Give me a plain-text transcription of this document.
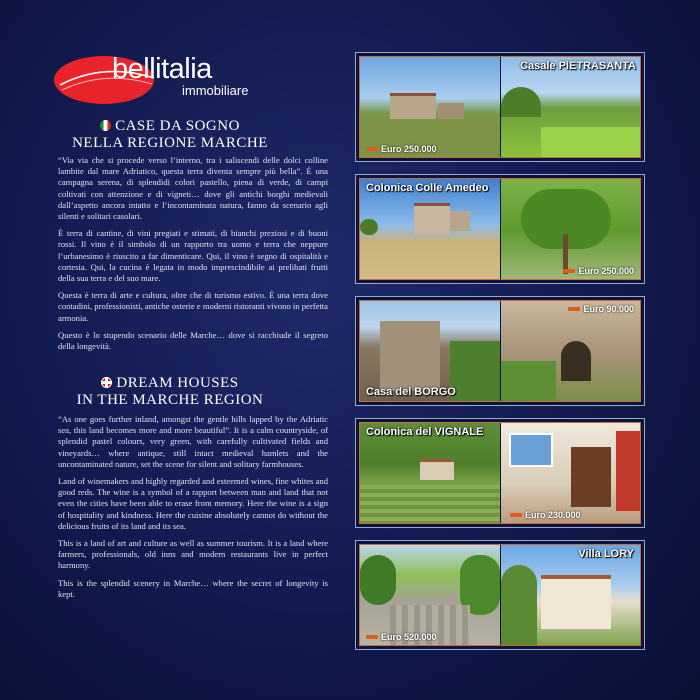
bellitalia
immobiliare
CASE DA SOGNO
NELLA REGIONE MARCHE

“Via via che si procede verso l’interno, tra i saliscendi delle dolci colline lambite dal mare Adriatico, questa terra diventa sempre più bella”. È una campagna serena, di splendidi colori pastello, piena di verde, di campi coltivati con attenzione e di vigneti… dove gli antichi borghi medievali dall’aspetto ancora intatto e l’incontaminata natura, fanno da scenario agli silenti e solitari casolari.

È terra di cantine, di vini pregiati e stimati, di bianchi preziosi e di buoni rossi. Il vino è il simbolo di un rapporto tra uomo e terra che neppure l’urbanesimo è riuscito a far dimenticare. Qui, il vino è segno di ospitalità e cortesia. Qui, la cucina è legata in modo imprescindibile ai prelibati frutti della sua terra e del suo mare.

Questa è terra di arte e cultura, oltre che di turismo estivo. È una terra dove contadini, professionisti, antiche osterie e moderni ristoranti vivono in perfetta armonia.

Questo è lo stupendo scenario delle Marche… dove si racchiude il segreto della longevità.

DREAM HOUSES
IN THE MARCHE REGION

“As one goes further inland, amongst the gentle hills lapped by the Adriatic sea, this land becomes more and more beautiful”. It is a calm countryside, of splendid pastel colours, very green, with carefully cultivated fields and vineyards… where antique, still intact medieval hamlets and the uncontaminated nature, set the scene for silent and solitary farmhouses.

Land of winemakers and highly regarded and esteemed wines, fine whites and good reds. The wine is a symbol of a rapport between man and land that not even the cities have been able to erase from memory. Here the wine is a sign of hospitality and kindness. Here the cuisine absolutely cannot do without the delicious fruits of its land and its sea.

This is a land of art and culture as well as summer tourism. It is a land where farmers, professionals, old inns and modern restaurants live in perfect harmony.

This is the splendid scenery in Marche… where the secret of longevity is kept.

Casale PIETRASANTA
Euro 250.000
Colonica Colle Amedeo
Euro 250.000
Casa del BORGO
Euro 90.000
Colonica del VIGNALE
Euro 230.000
Villa LORY
Euro 520.000
